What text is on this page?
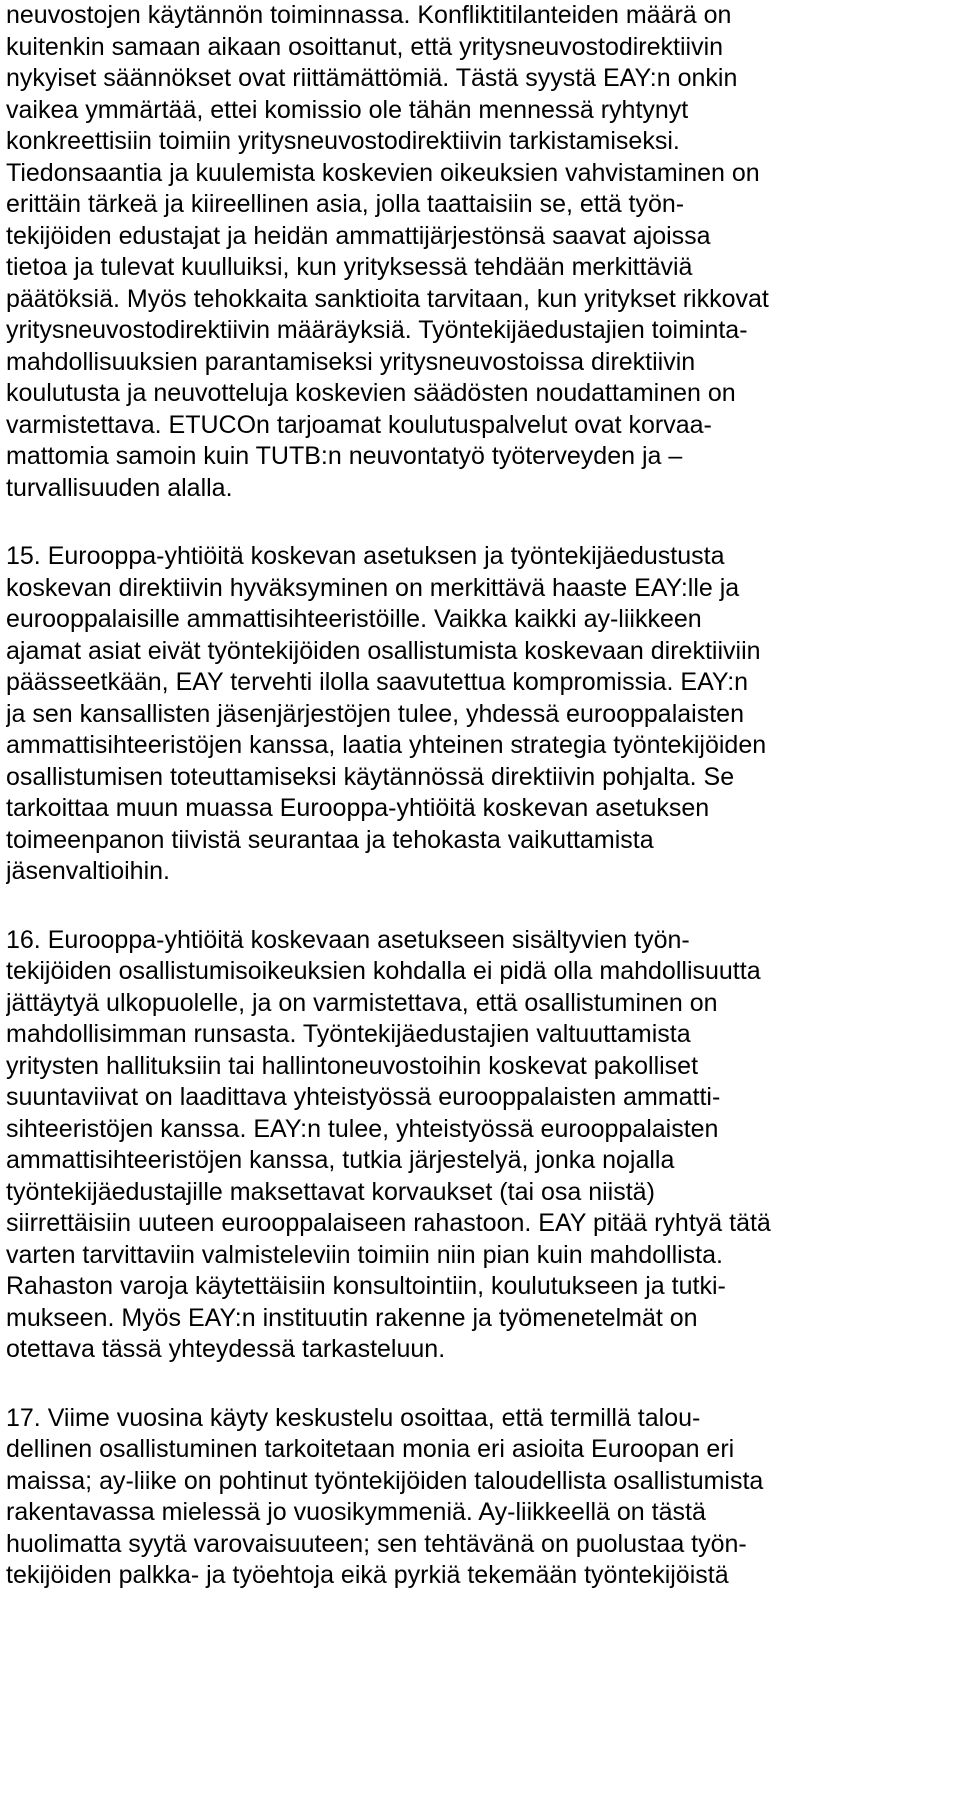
neuvostojen käytännön toiminnassa. Konfliktitilanteiden määrä on
kuitenkin samaan aikaan osoittanut, että yritysneuvostodirektiivin
nykyiset säännökset ovat riittämättömiä. Tästä syystä EAY:n onkin
vaikea ymmärtää, ettei komissio ole tähän mennessä ryhtynyt
konkreettisiin toimiin yritysneuvostodirektiivin tarkistamiseksi.
Tiedonsaantia ja kuulemista koskevien oikeuksien vahvistaminen on
erittäin tärkeä ja kiireellinen asia, jolla taattaisiin se, että työn-
tekijöiden edustajat ja heidän ammattijärjestönsä saavat ajoissa
tietoa ja tulevat kuulluiksi, kun yrityksessä tehdään merkittäviä
päätöksiä. Myös tehokkaita sanktioita tarvitaan, kun yritykset rikkovat
yritysneuvostodirektiivin määräyksiä. Työntekijäedustajien toiminta-
mahdollisuuksien parantamiseksi yritysneuvostoissa direktiivin
koulutusta ja neuvotteluja koskevien säädösten noudattaminen on
varmistettava. ETUCOn tarjoamat koulutuspalvelut ovat korvaa-
mattomia samoin kuin TUTB:n neuvontatyö työterveyden ja –
turvallisuuden alalla.
15. Eurooppa-yhtiöitä koskevan asetuksen ja työntekijäedustusta
koskevan direktiivin hyväksyminen on merkittävä haaste EAY:lle ja
eurooppalaisille ammattisihteeristöille. Vaikka kaikki ay-liikkeen
ajamat asiat eivät työntekijöiden osallistumista koskevaan direktiiviin
päässeetkään, EAY tervehti ilolla saavutettua kompromissia. EAY:n
ja sen kansallisten jäsenjärjestöjen tulee, yhdessä eurooppalaisten
ammattisihteeristöjen kanssa, laatia yhteinen strategia työntekijöiden
osallistumisen toteuttamiseksi käytännössä direktiivin pohjalta. Se
tarkoittaa muun muassa Eurooppa-yhtiöitä koskevan asetuksen
toimeenpanon tiivistä seurantaa ja tehokasta vaikuttamista
jäsenvaltioihin.
16. Eurooppa-yhtiöitä koskevaan asetukseen sisältyvien työn-
tekijöiden osallistumisoikeuksien kohdalla ei pidä olla mahdollisuutta
jättäytyä ulkopuolelle, ja on varmistettava, että osallistuminen on
mahdollisimman runsasta. Työntekijäedustajien valtuuttamista
yritysten hallituksiin tai hallintoneuvostoihin koskevat pakolliset
suuntaviivat on laadittava yhteistyössä eurooppalaisten ammatti-
sihteeristöjen kanssa. EAY:n tulee, yhteistyössä eurooppalaisten
ammattisihteeristöjen kanssa, tutkia järjestelyä, jonka nojalla
työntekijäedustajille maksettavat korvaukset (tai osa niistä)
siirrettäisiin uuteen eurooppalaiseen rahastoon. EAY pitää ryhtyä tätä
varten tarvittaviin valmisteleviin toimiin niin pian kuin mahdollista.
Rahaston varoja käytettäisiin konsultointiin, koulutukseen ja tutki-
mukseen. Myös EAY:n instituutin rakenne ja työmenetelmät on
otettava tässä yhteydessä tarkasteluun.
17. Viime vuosina käyty keskustelu osoittaa, että termillä talou-
dellinen osallistuminen tarkoitetaan monia eri asioita Euroopan eri
maissa; ay-liike on pohtinut työntekijöiden taloudellista osallistumista
rakentavassa mielessä jo vuosikymmeniä. Ay-liikkeellä on tästä
huolimatta syytä varovaisuuteen; sen tehtävänä on puolustaa työn-
tekijöiden palkka- ja työehtoja eikä pyrkiä tekemään työntekijöistä
